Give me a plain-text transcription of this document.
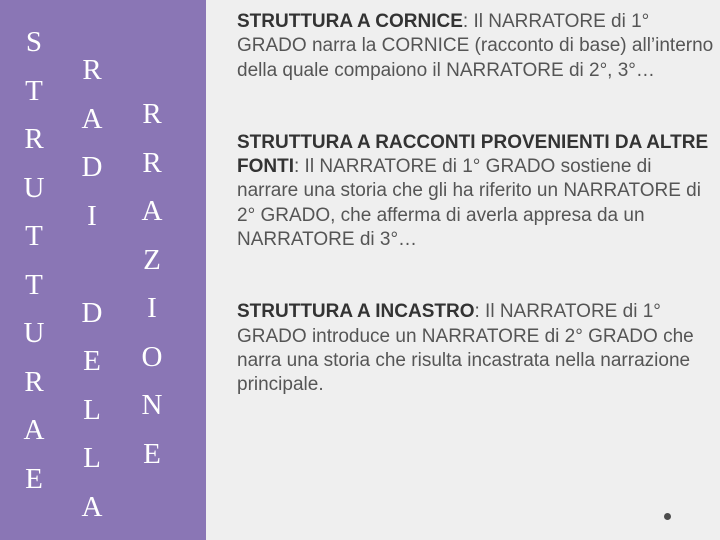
S
T
R
U
T
T
U
R
A
E
R
A
D
I
D
E
L
L
A
R
R
A
Z
I
O
N
E

STRUTTURA A CORNICE: Il NARRATORE di 1° GRADO narra la CORNICE (racconto di base) all’interno della quale compaiono il NARRATORE di 2°, 3°…

STRUTTURA A RACCONTI PROVENIENTI DA ALTRE FONTI: Il NARRATORE di 1° GRADO sostiene di narrare una storia che gli ha riferito un NARRATORE di 2° GRADO, che afferma di averla appresa da un NARRATORE di 3°…

STRUTTURA A INCASTRO: Il NARRATORE di 1° GRADO introduce un NARRATORE di 2° GRADO che narra una storia che risulta incastrata nella narrazione principale.
